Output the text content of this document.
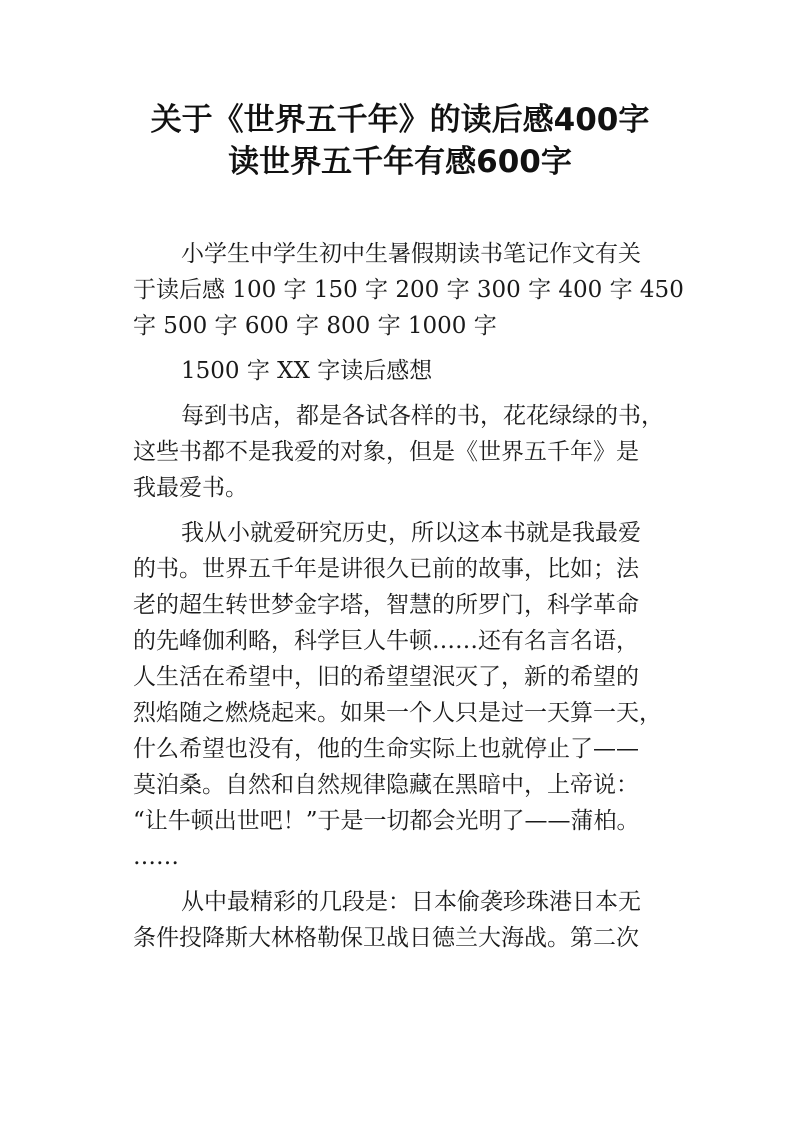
关于《世界五千年》的读后感400字
读世界五千年有感600字
小学生中学生初中生暑假期读书笔记作文有关
于读后感 100 字 150 字 200 字 300 字 400 字 450
字 500 字 600 字 800 字 1000 字
1500 字 XX 字读后感想
每到书店，都是各试各样的书，花花绿绿的书，
这些书都不是我爱的对象，但是《世界五千年》是
我最爱书。
我从小就爱研究历史，所以这本书就是我最爱
的书。世界五千年是讲很久已前的故事，比如；法
老的超生转世梦金字塔，智慧的所罗门，科学革命
的先峰伽利略，科学巨人牛顿……还有名言名语，
人生活在希望中，旧的希望望泯灭了，新的希望的
烈焰随之燃烧起来。如果一个人只是过一天算一天，
什么希望也没有，他的生命实际上也就停止了——
莫泊桑。自然和自然规律隐藏在黑暗中，上帝说：
“让牛顿出世吧！”于是一切都会光明了——蒲柏。
……
从中最精彩的几段是：日本偷袭珍珠港日本无
条件投降斯大林格勒保卫战日德兰大海战。第二次
